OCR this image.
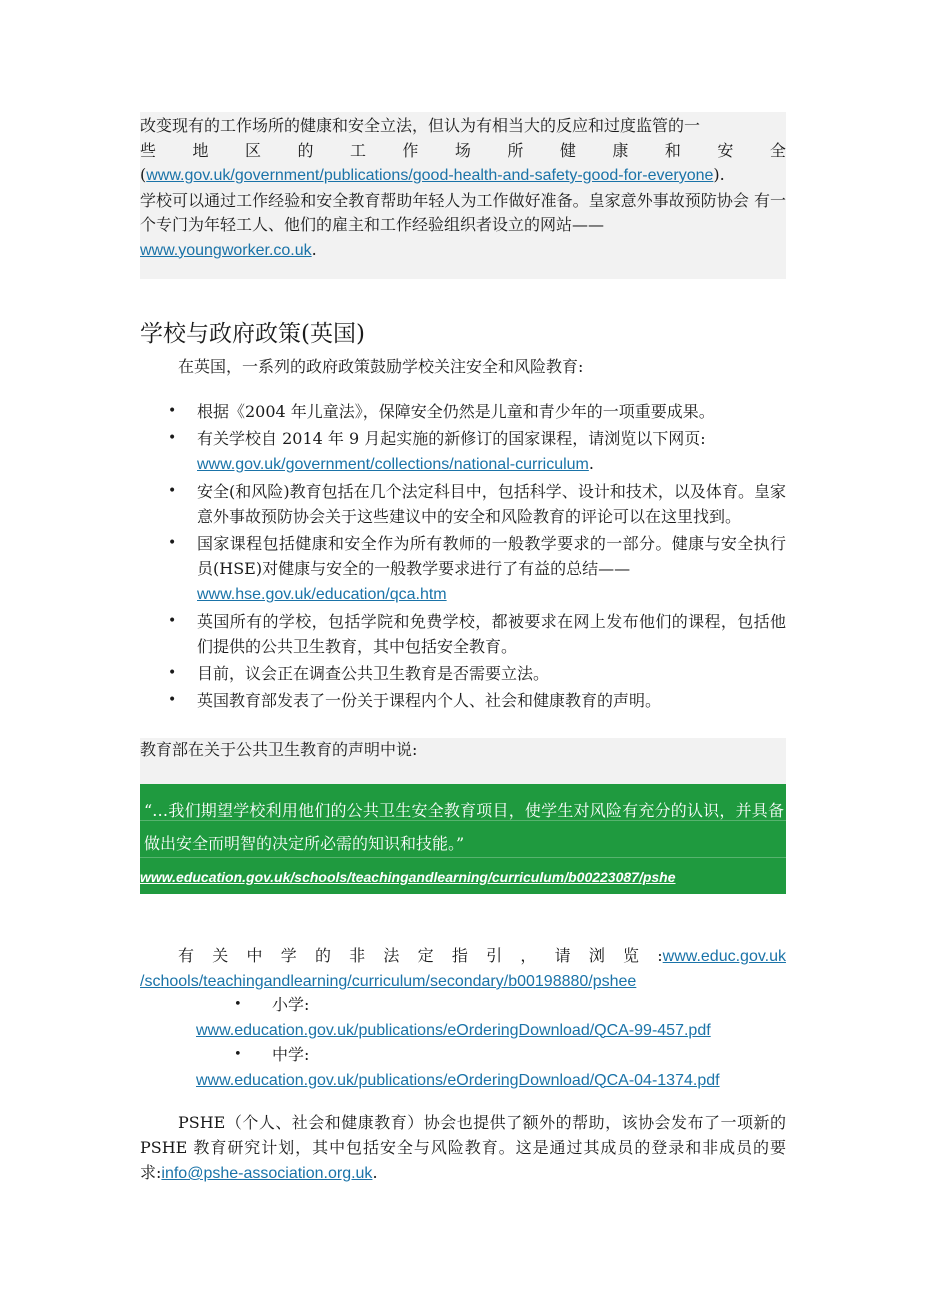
改变现有的工作场所的健康和安全立法，但认为有相当大的反应和过度监管的一

些 地 区 的 工 作 场 所 健 康 和 安 全
(www.gov.uk/government/publications/good-health-and-safety-good-for-everyone).
学校可以通过工作经验和安全教育帮助年轻人为工作做好准备。皇家意外事故预防协会 有一个专门为年轻工人、他们的雇主和工作经验组织者设立的网站——
www.youngworker.co.uk.

学校与政府政策(英国)
在英国，一系列的政府政策鼓励学校关注安全和风险教育:
• 根据《2004 年儿童法》，保障安全仍然是儿童和青少年的一项重要成果。
• 有关学校自 2014 年 9 月起实施的新修订的国家课程，请浏览以下网页:
www.gov.uk/government/collections/national-curriculum.
• 安全(和风险)教育包括在几个法定科目中，包括科学、设计和技术，以及体育。皇家意外事故预防协会关于这些建议中的安全和风险教育的评论可以在这里找到。
• 国家课程包括健康和安全作为所有教师的一般教学要求的一部分。健康与安全执行员(HSE)对健康与安全的一般教学要求进行了有益的总结——
www.hse.gov.uk/education/qca.htm
• 英国所有的学校，包括学院和免费学校，都被要求在网上发布他们的课程，包括他们提供的公共卫生教育，其中包括安全教育。
• 目前，议会正在调查公共卫生教育是否需要立法。
• 英国教育部发表了一份关于课程内个人、社会和健康教育的声明。
教育部在关于公共卫生教育的声明中说:
“…我们期望学校利用他们的公共卫生安全教育项目，使学生对风险有充分的认识，并具备做出安全而明智的决定所必需的知识和技能。”
www.education.gov.uk/schools/teachingandlearning/curriculum/b00223087/pshe
有 关 中 学 的 非 法 定 指 引 ， 请 浏 览 :www.educ.gov.uk
/schools/teachingandlearning/curriculum/secondary/b00198880/pshee
• 小学:
www.education.gov.uk/publications/eOrderingDownload/QCA-99-457.pdf
• 中学:
www.education.gov.uk/publications/eOrderingDownload/QCA-04-1374.pdf

PSHE（个人、社会和健康教育）协会也提供了额外的帮助，该协会发布了一项新的 PSHE 教育研究计划，其中包括安全与风险教育。这是通过其成员的登录和非成员的要求:info@pshe-association.org.uk.
